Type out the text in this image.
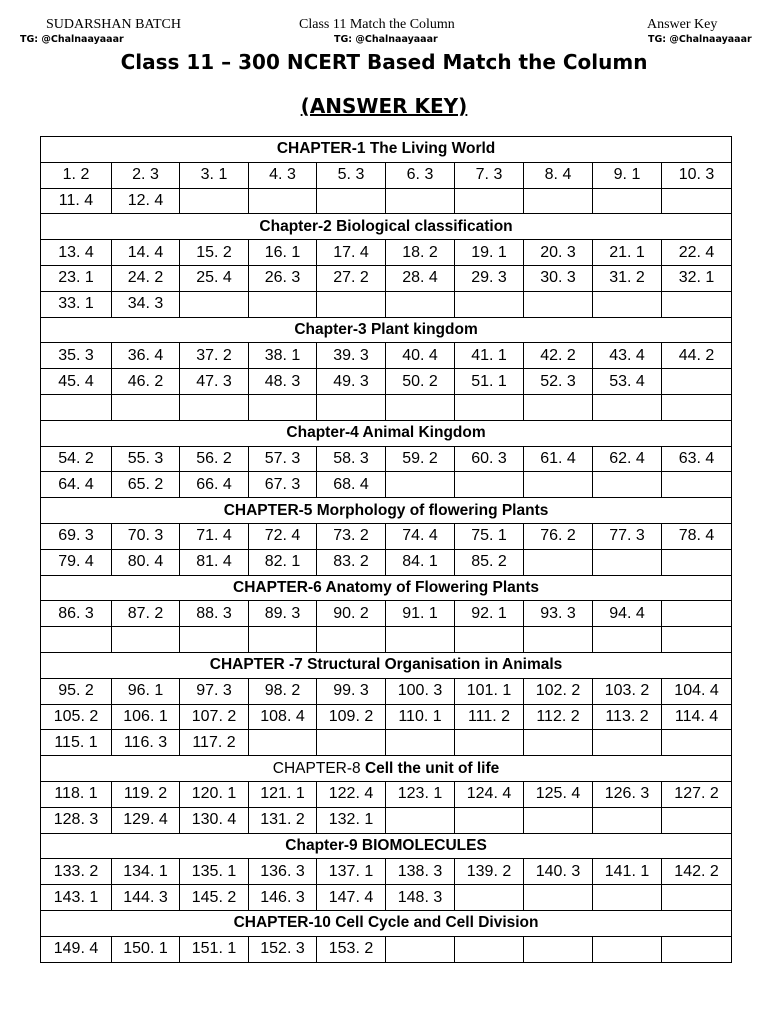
SUDARSHAN BATCH	Class 11 Match the Column	Answer Key
TG: @Chalnaayaaar	TG: @Chalnaayaaar	TG: @Chalnaayaaar
Class 11 – 300 NCERT Based Match the Column
(ANSWER KEY)
CHAPTER-1 The Living World									
1. 2	2. 3	3. 1	4. 3	5. 3	6. 3	7. 3	8. 4	9. 1	10. 3
11. 4	12. 4								
Chapter-2 Biological classification									
13. 4	14. 4	15. 2	16. 1	17. 4	18. 2	19. 1	20. 3	21. 1	22. 4
23. 1	24. 2	25. 4	26. 3	27. 2	28. 4	29. 3	30. 3	31. 2	32. 1
33. 1	34. 3								
Chapter-3 Plant kingdom									
35. 3	36. 4	37. 2	38. 1	39. 3	40. 4	41. 1	42. 2	43. 4	44. 2
45. 4	46. 2	47. 3	48. 3	49. 3	50. 2	51. 1	52. 3	53. 4	

Chapter-4 Animal Kingdom									
54. 2	55. 3	56. 2	57. 3	58. 3	59. 2	60. 3	61. 4	62. 4	63. 4
64. 4	65. 2	66. 4	67. 3	68. 4					
CHAPTER-5 Morphology of flowering Plants									
69. 3	70. 3	71. 4	72. 4	73. 2	74. 4	75. 1	76. 2	77. 3	78. 4
79. 4	80. 4	81. 4	82. 1	83. 2	84. 1	85. 2			
CHAPTER-6 Anatomy of Flowering Plants									
86. 3	87. 2	88. 3	89. 3	90. 2	91. 1	92. 1	93. 3	94. 4	

CHAPTER -7 Structural Organisation in Animals									
95. 2	96. 1	97. 3	98. 2	99. 3	100. 3	101. 1	102. 2	103. 2	104. 4
105. 2	106. 1	107. 2	108. 4	109. 2	110. 1	111. 2	112. 2	113. 2	114. 4
115. 1	116. 3	117. 2							
CHAPTER-8 Cell the unit of life									
118. 1	119. 2	120. 1	121. 1	122. 4	123. 1	124. 4	125. 4	126. 3	127. 2
128. 3	129. 4	130. 4	131. 2	132. 1					
Chapter-9 BIOMOLECULES									
133. 2	134. 1	135. 1	136. 3	137. 1	138. 3	139. 2	140. 3	141. 1	142. 2
143. 1	144. 3	145. 2	146. 3	147. 4	148. 3				
CHAPTER-10 Cell Cycle and Cell Division									
149. 4	150. 1	151. 1	152. 3	153. 2					
